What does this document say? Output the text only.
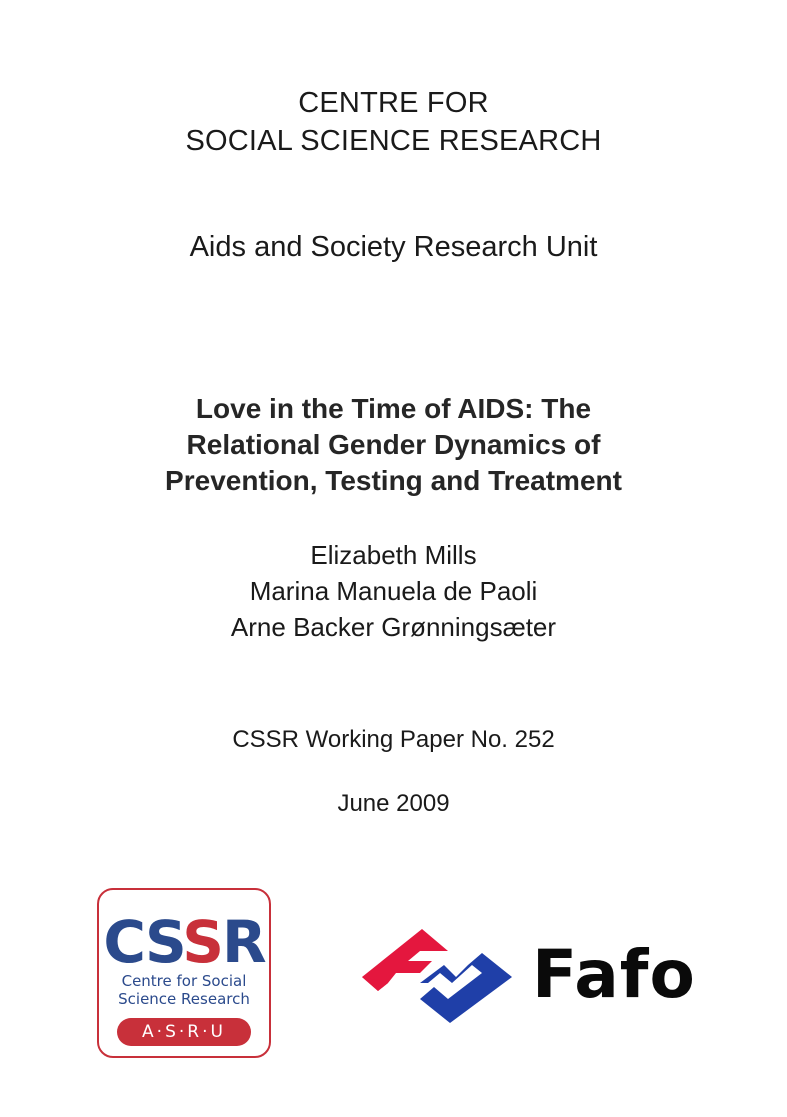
CENTRE FOR
SOCIAL SCIENCE RESEARCH
Aids and Society Research Unit
Love in the Time of AIDS: The
Relational Gender Dynamics of
Prevention, Testing and Treatment
Elizabeth Mills
Marina Manuela de Paoli
Arne Backer Grønningsæter
CSSR Working Paper No. 252
June 2009
CSSR
Centre for Social
Science Research
A·S·R·U
Fafo
